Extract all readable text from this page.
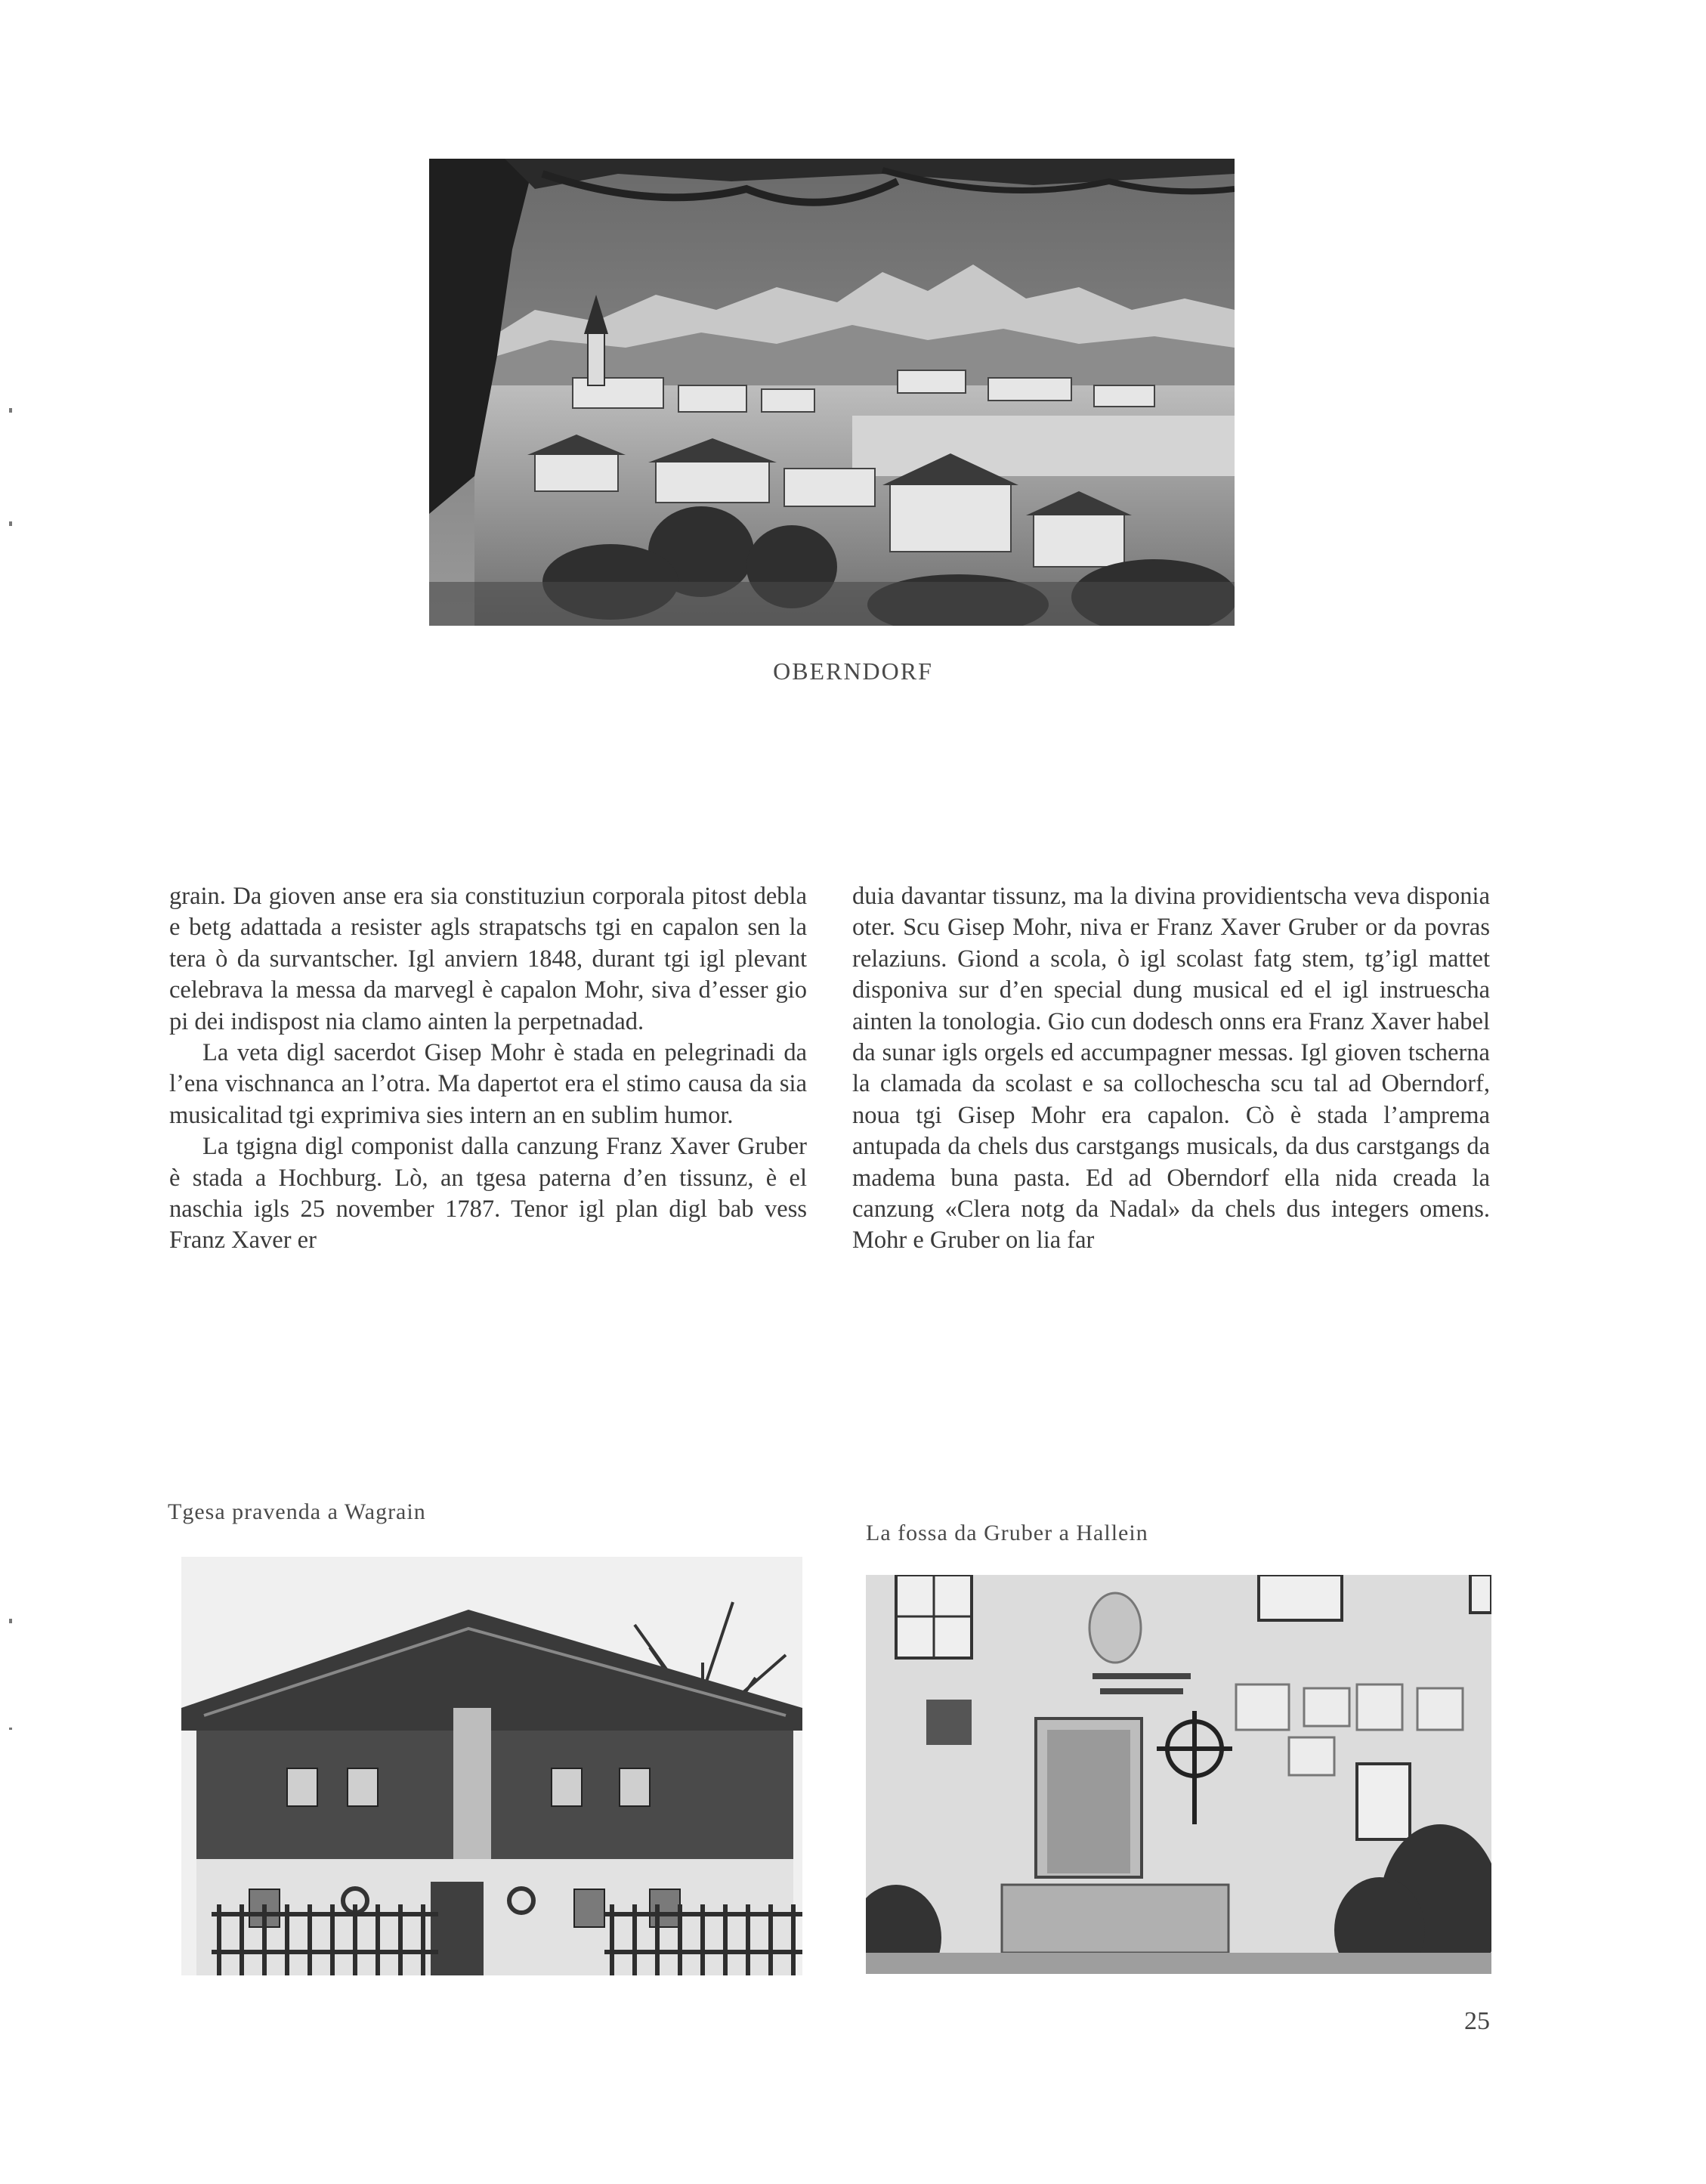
OBERNDORF

grain. Da gioven anse era sia constituziun corporala pitost debla e betg adattada a resister agls strapatschs tgi en capalon sen la tera ò da survantscher. Igl anviern 1848, durant tgi igl plevant celebrava la messa da marvegl è capalon Mohr, siva d’esser gio pi dei indispost nia clamo ainten la perpetnadad.

La veta digl sacerdot Gisep Mohr è stada en pelegrinadi da l’ena vischnanca an l’otra. Ma dapertot era el stimo causa da sia musicalitad tgi exprimiva sies intern an en sublim humor.

La tgigna digl componist dalla canzung Franz Xaver Gruber è stada a Hochburg. Lò, an tgesa paterna d’en tissunz, è el naschia igls 25 november 1787. Tenor igl plan digl bab vess Franz Xaver er

duia davantar tissunz, ma la divina providientscha veva disponia oter. Scu Gisep Mohr, niva er Franz Xaver Gruber or da povras relaziuns. Giond a scola, ò igl scolast fatg stem, tg’igl mattet disponiva sur d’en special dung musical ed el igl instruescha ainten la tonologia. Gio cun dodesch onns era Franz Xaver habel da sunar igls orgels ed accumpagner messas. Igl gioven tscherna la clamada da scolast e sa collochescha scu tal ad Oberndorf, noua tgi Gisep Mohr era capalon. Cò è stada l’amprema antupada da chels dus carstgangs musicals, da dus carstgangs da madema buna pasta. Ed ad Oberndorf ella nida creada la canzung «Clera notg da Nadal» da chels dus integers omens. Mohr e Gruber on lia far

Tgesa pravenda a Wagrain
La fossa da Gruber a Hallein
25
